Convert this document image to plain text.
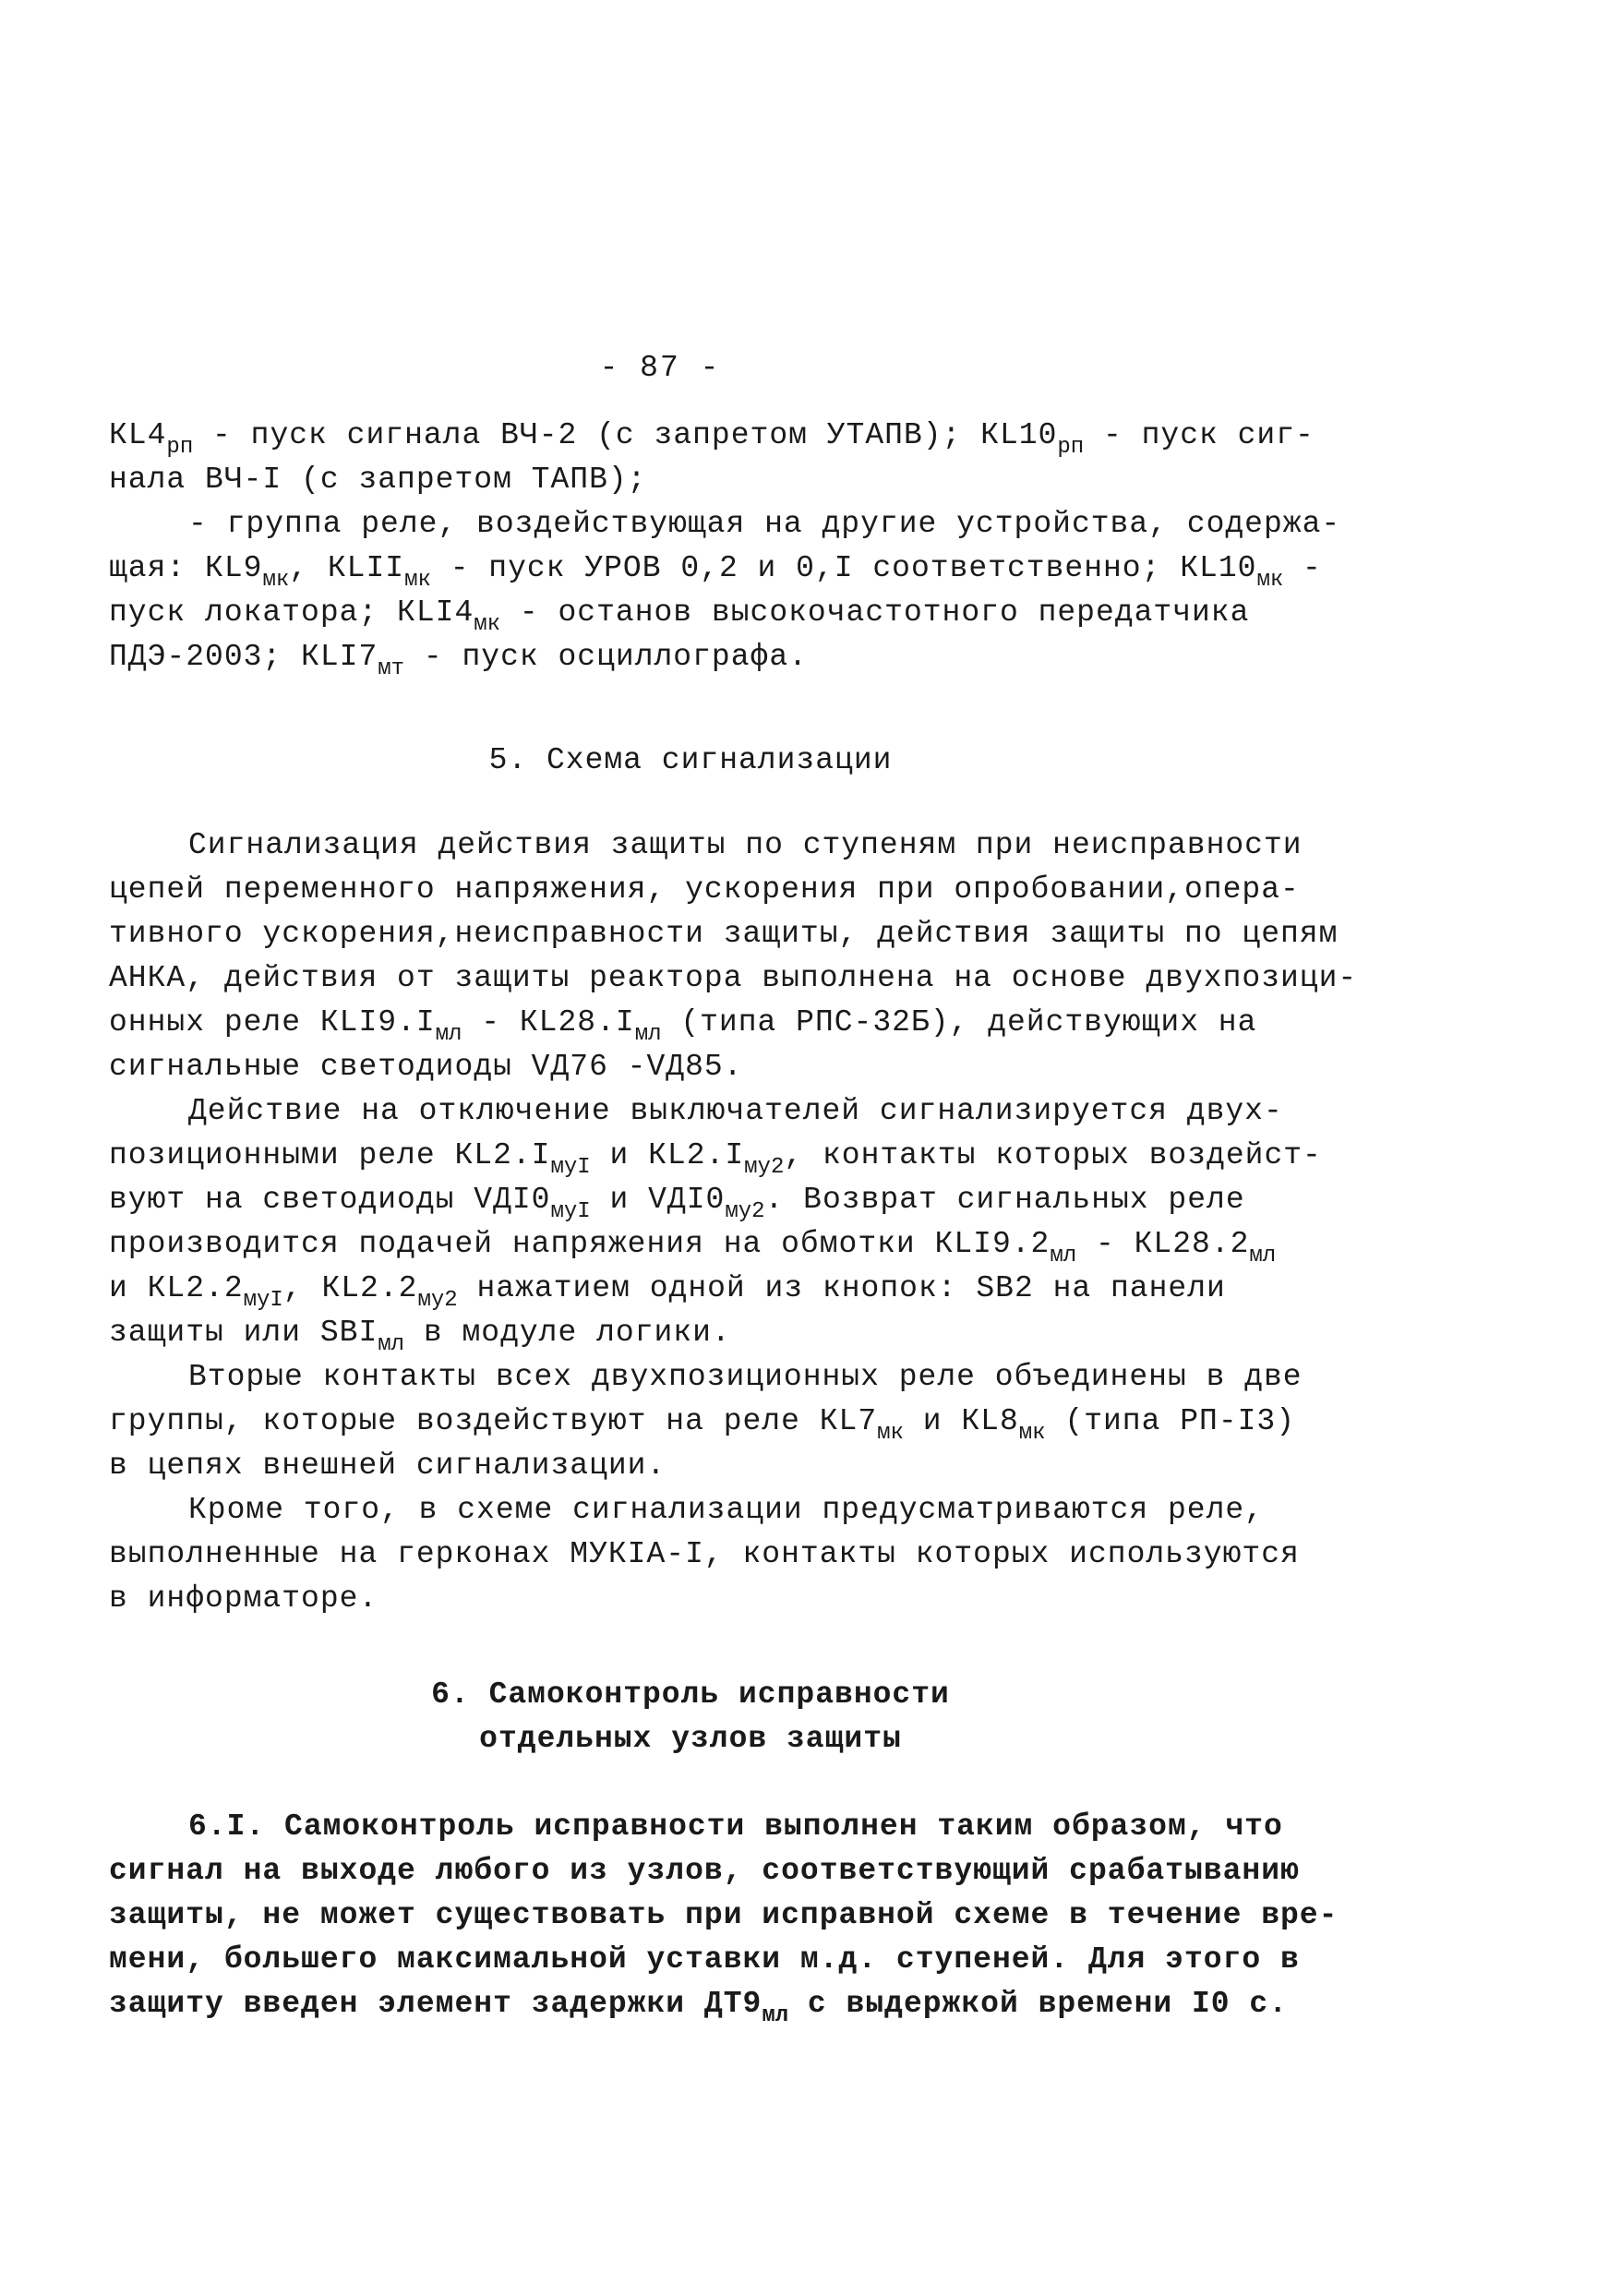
- 87 -
$КL4_{рп}$ - пуск сигнала ВЧ-2 (с запретом УТАПВ); $КL10_{рп}$ - пуск сиг-
нала ВЧ-I (с запретом ТАПВ);
- группа реле, воздействующая на другие устройства, содержа-
щая: $КL9_{мк}$, $КLII_{мк}$ - пуск УРОВ 0,2 и 0,I соответственно; $КL10_{мк}$ -
пуск локатора; $КLI4_{мк}$ - останов высокочастотного передатчика
ПДЭ-2003; $КLI7_{мт}$ - пуск осциллографа.
5. Схема сигнализации
Сигнализация действия защиты по ступеням при неисправности
цепей переменного напряжения, ускорения при опробовании,опера-
тивного ускорения,неисправности защиты, действия защиты по цепям
АНКА, действия от защиты реактора выполнена на основе двухпозици-
онных реле $КLI9.I_{мл} - КL28.I_{мл}$ (типа РПС-32Б), действующих на
сигнальные светодиоды VД76 -VД85.
Действие на отключение выключателей сигнализируется двух-
позиционными реле $КL2.I_{муI}$ и $КL2.I_{му2}$, контакты которых воздейст-
вуют на светодиоды $VДI0_{муI}$ и $VДI0_{му2}$. Возврат сигнальных реле
производится подачей напряжения на обмотки $КLI9.2_{мл} - КL28.2_{мл}$
и $КL2.2_{муI}$, $КL2.2_{му2}$ нажатием одной из кнопок: SB2 на панели
защиты или $SBI_{мл}$ в модуле логики.
Вторые контакты всех двухпозиционных реле объединены в две
группы, которые воздействуют на реле $КL7_{мк}$ и $КL8_{мк}$ (типа РП-I3)
в цепях внешней сигнализации.
Кроме того, в схеме сигнализации предусматриваются реле,
выполненные на герконах МУКIА-I, контакты которых используются
в информаторе.
6. Самоконтроль исправности
отдельных узлов защиты
6.I. Самоконтроль исправности выполнен таким образом, что
сигнал на выходе любого из узлов, соответствующий срабатыванию
защиты, не может существовать при исправной схеме в течение вре-
мени, большего максимальной уставки м.д. ступеней. Для этого в
защиту введен элемент задержки $ДТ9_{мл}$ с выдержкой времени I0 с.
